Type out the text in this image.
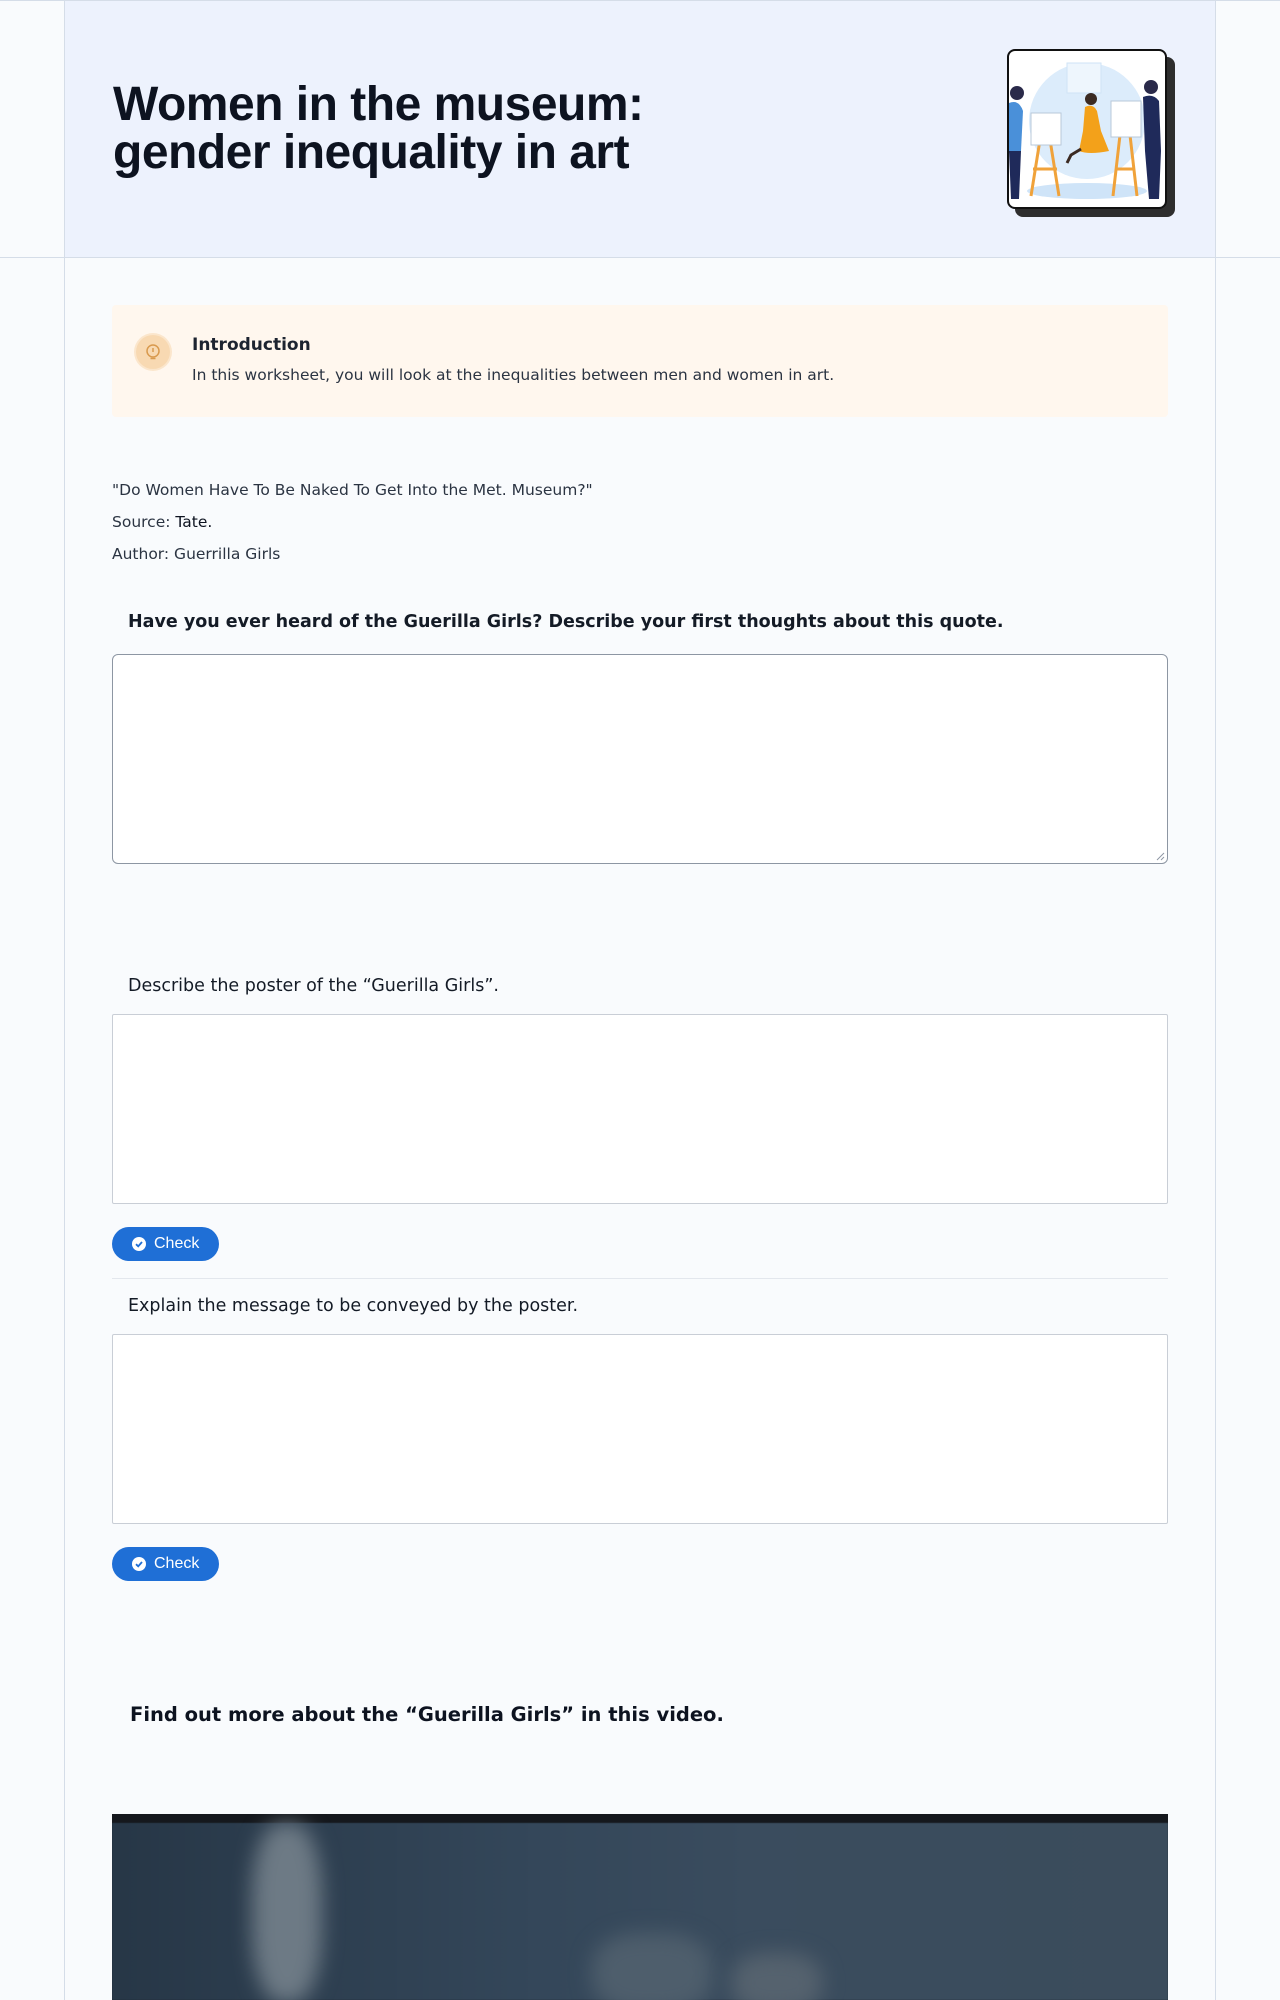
Women in the museum:
gender inequality in art
Introduction
In this worksheet, you will look at the inequalities between men and women in art.
"Do Women Have To Be Naked To Get Into the Met. Museum?"
Source: Tate.
Author: Guerrilla Girls
Have you ever heard of the Guerilla Girls? Describe your first thoughts about this quote.
Describe the poster of the “Guerilla Girls”.
Check
Explain the message to be conveyed by the poster.
Check
Find out more about the “Guerilla Girls” in this video.
